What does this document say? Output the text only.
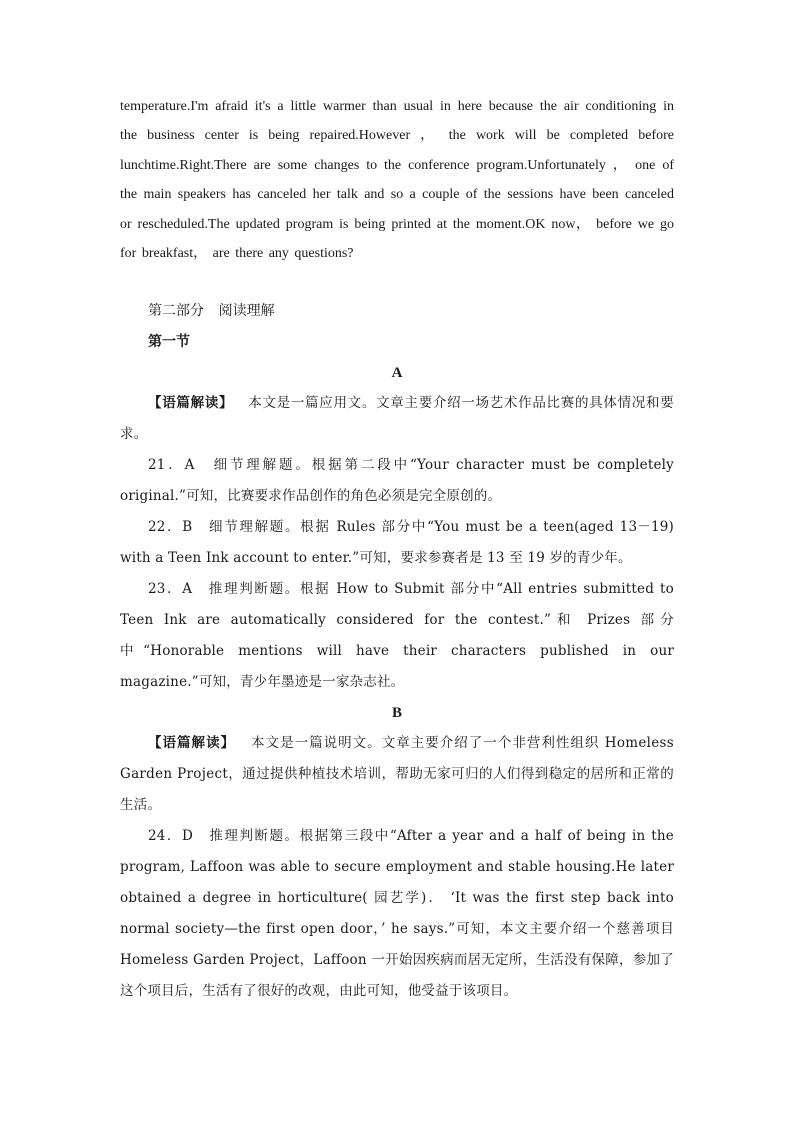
temperature.I'm afraid it's a little warmer than usual in here because the air conditioning in the business center is being repaired.However ， the work will be completed before lunchtime.Right.There are some changes to the conference program.Unfortunately ， one of the main speakers has canceled her talk and so a couple of the sessions have been canceled or rescheduled.The updated program is being printed at the moment.OK now， before we go for breakfast， are there any questions?

第二部分 阅读理解

第一节

A

【语篇解读】 本文是一篇应用文。文章主要介绍一场艺术作品比赛的具体情况和要求。

21．A　细节理解题。根据第二段中“Your character must be completely original.”可知，比赛要求作品创作的角色必须是完全原创的。

22．B　细节理解题。根据 Rules 部分中“You must be a teen(aged 13－19) with a Teen Ink account to enter.”可知，要求参赛者是 13 至 19 岁的青少年。

23．A　推理判断题。根据 How to Submit 部分中“All entries submitted to Teen Ink are automatically considered for the contest.”和 Prizes 部分中“Honorable mentions will have their characters published in our magazine.”可知，青少年墨迹是一家杂志社。

B

【语篇解读】 本文是一篇说明文。文章主要介绍了一个非营利性组织 Homeless Garden Project，通过提供种植技术培训，帮助无家可归的人们得到稳定的居所和正常的生活。

24．D　推理判断题。根据第三段中“After a year and a half of being in the program, Laffoon was able to secure employment and stable housing.He later obtained a degree in horticulture( 园艺学)． ‘It was the first step back into normal society—the first open door，’ he says.”可知，本文主要介绍一个慈善项目 Homeless Garden Project，Laffoon 一开始因疾病而居无定所，生活没有保障，参加了这个项目后，生活有了很好的改观，由此可知，他受益于该项目。
